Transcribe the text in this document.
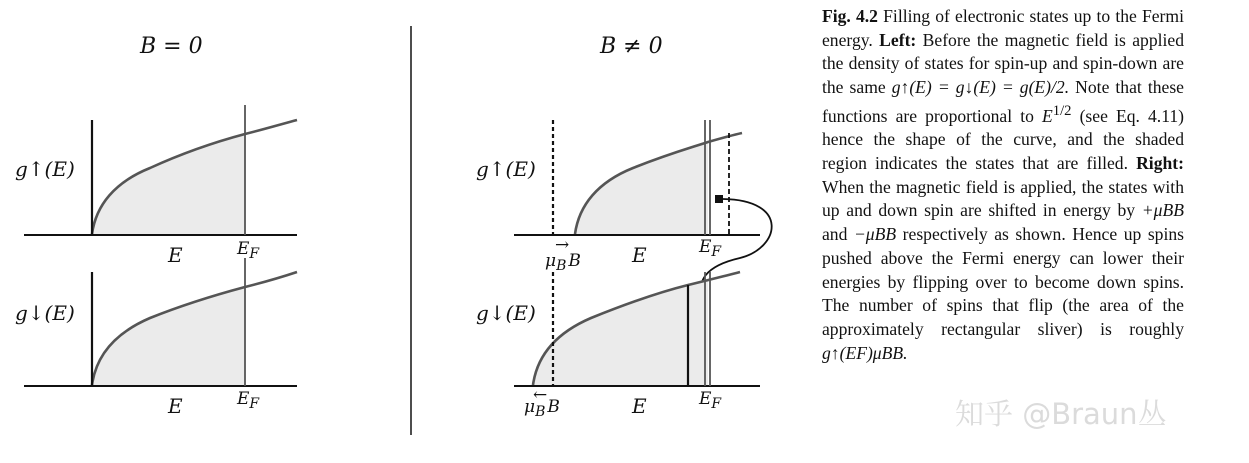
B = 0
g↑(E)
E	$E_F$
g↓(E)
E	$E_F$
B ≠ 0
g↑(E)
E	$E_F$
→
$\mu_B$ B
g↓(E)
E	$E_F$
←
$\mu_B$ B

Fig. 4.2 Filling of electronic states up to the Fermi energy. Left: Before the magnetic field is applied the density of states for spin-up and spin-down are the same g↑(E) = g↓(E) = g(E)/2. Note that these functions are proportional to $E^{1/2}$ (see Eq. 4.11) hence the shape of the curve, and the shaded region indicates the states that are filled. Right: When the magnetic field is applied, the states with up and down spin are shifted in energy by +μBB and −μBB respectively as shown. Hence up spins pushed above the Fermi energy can lower their energies by flipping over to become down spins. The number of spins that flip (the area of the approximately rectangular sliver) is roughly g↑(EF)μBB.

知乎 @Braun丛
